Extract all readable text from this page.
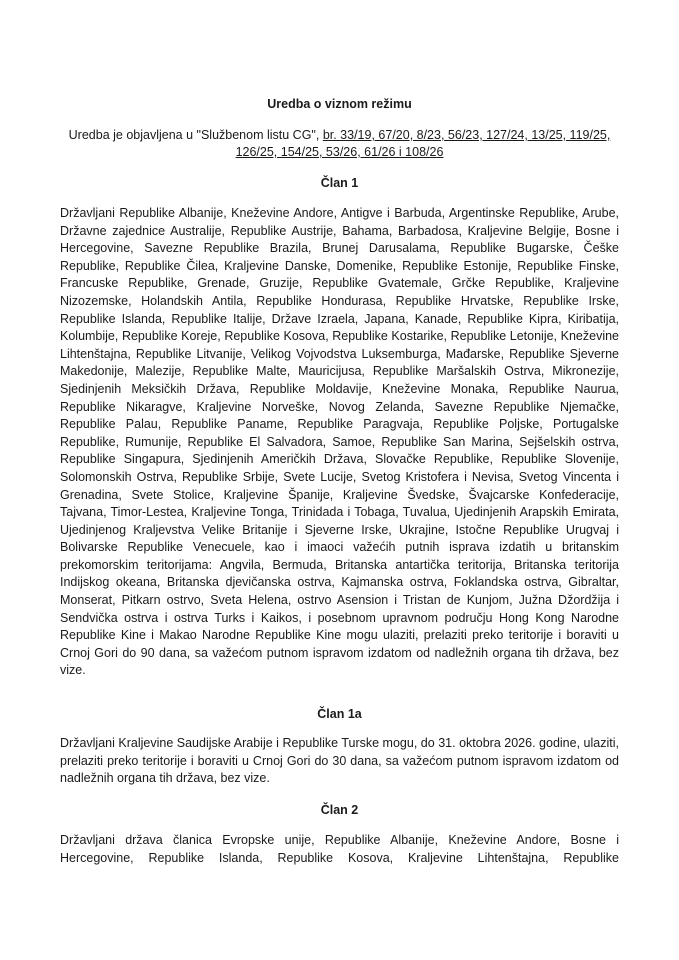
Uredba o viznom režimu
Uredba je objavljena u "Službenom listu CG", br. 33/19, 67/20, 8/23, 56/23, 127/24, 13/25, 119/25, 126/25, 154/25, 53/26, 61/26 i 108/26
Član 1

Državljani Republike Albanije, Kneževine Andore, Antigve i Barbuda, Argentinske Republike, Arube, Državne zajednice Australije, Republike Austrije, Bahama, Barbadosa, Kraljevine Belgije, Bosne i Hercegovine, Savezne Republike Brazila, Brunej Darusalama, Republike Bugarske, Češke Republike, Republike Čilea, Kraljevine Danske, Domenike, Republike Estonije, Republike Finske, Francuske Republike, Grenade, Gruzije, Republike Gvatemale, Grčke Republike, Kraljevine Nizozemske, Holandskih Antila, Republike Hondurasa, Republike Hrvatske, Republike Irske, Republike Islanda, Republike Italije, Države Izraela, Japana, Kanade, Republike Kipra, Kiribatija, Kolumbije, Republike Koreje, Republike Kosova, Republike Kostarike, Republike Letonije, Kneževine Lihtenštajna, Republike Litvanije, Velikog Vojvodstva Luksemburga, Mađarske, Republike Sjeverne Makedonije, Malezije, Republike Malte, Mauricijusa, Republike Maršalskih Ostrva, Mikronezije, Sjedinjenih Meksičkih Država, Republike Moldavije, Kneževine Monaka, Republike Naurua, Republike Nikaragve, Kraljevine Norveške, Novog Zelanda, Savezne Republike Njemačke, Republike Palau, Republike Paname, Republike Paragvaja, Republike Poljske, Portugalske Republike, Rumunije, Republike El Salvadora, Samoe, Republike San Marina, Sejšelskih ostrva, Republike Singapura, Sjedinjenih Američkih Država, Slovačke Republike, Republike Slovenije, Solomonskih Ostrva, Republike Srbije, Svete Lucije, Svetog Kristofera i Nevisa, Svetog Vincenta i Grenadina, Svete Stolice, Kraljevine Španije, Kraljevine Švedske, Švajcarske Konfederacije, Tajvana, Timor-Lestea, Kraljevine Tonga, Trinidada i Tobaga, Tuvalua, Ujedinjenih Arapskih Emirata, Ujedinjenog Kraljevstva Velike Britanije i Sjeverne Irske, Ukrajine, Istočne Republike Urugvaj i Bolivarske Republike Venecuele, kao i imaoci važećih putnih isprava izdatih u britanskim prekomorskim teritorijama: Angvila, Bermuda, Britanska antartička teritorija, Britanska teritorija Indijskog okeana, Britanska djevičanska ostrva, Kajmanska ostrva, Foklandska ostrva, Gibraltar, Monserat, Pitkarn ostrvo, Sveta Helena, ostrvo Asension i Tristan de Kunjom, Južna Džordžija i Sendvička ostrva i ostrva Turks i Kaikos, i posebnom upravnom području Hong Kong Narodne Republike Kine i Makao Narodne Republike Kine mogu ulaziti, prelaziti preko teritorije i boraviti u Crnoj Gori do 90 dana, sa važećom putnom ispravom izdatom od nadležnih organa tih država, bez vize.

Član 1a

Državljani Kraljevine Saudijske Arabije i Republike Turske mogu, do 31. oktobra 2026. godine, ulaziti, prelaziti preko teritorije i boraviti u Crnoj Gori do 30 dana, sa važećom putnom ispravom izdatom od nadležnih organa tih država, bez vize.

Član 2

Državljani država članica Evropske unije, Republike Albanije, Kneževine Andore, Bosne i Hercegovine, Republike Islanda, Republike Kosova, Kraljevine Lihtenštajna, Republike
